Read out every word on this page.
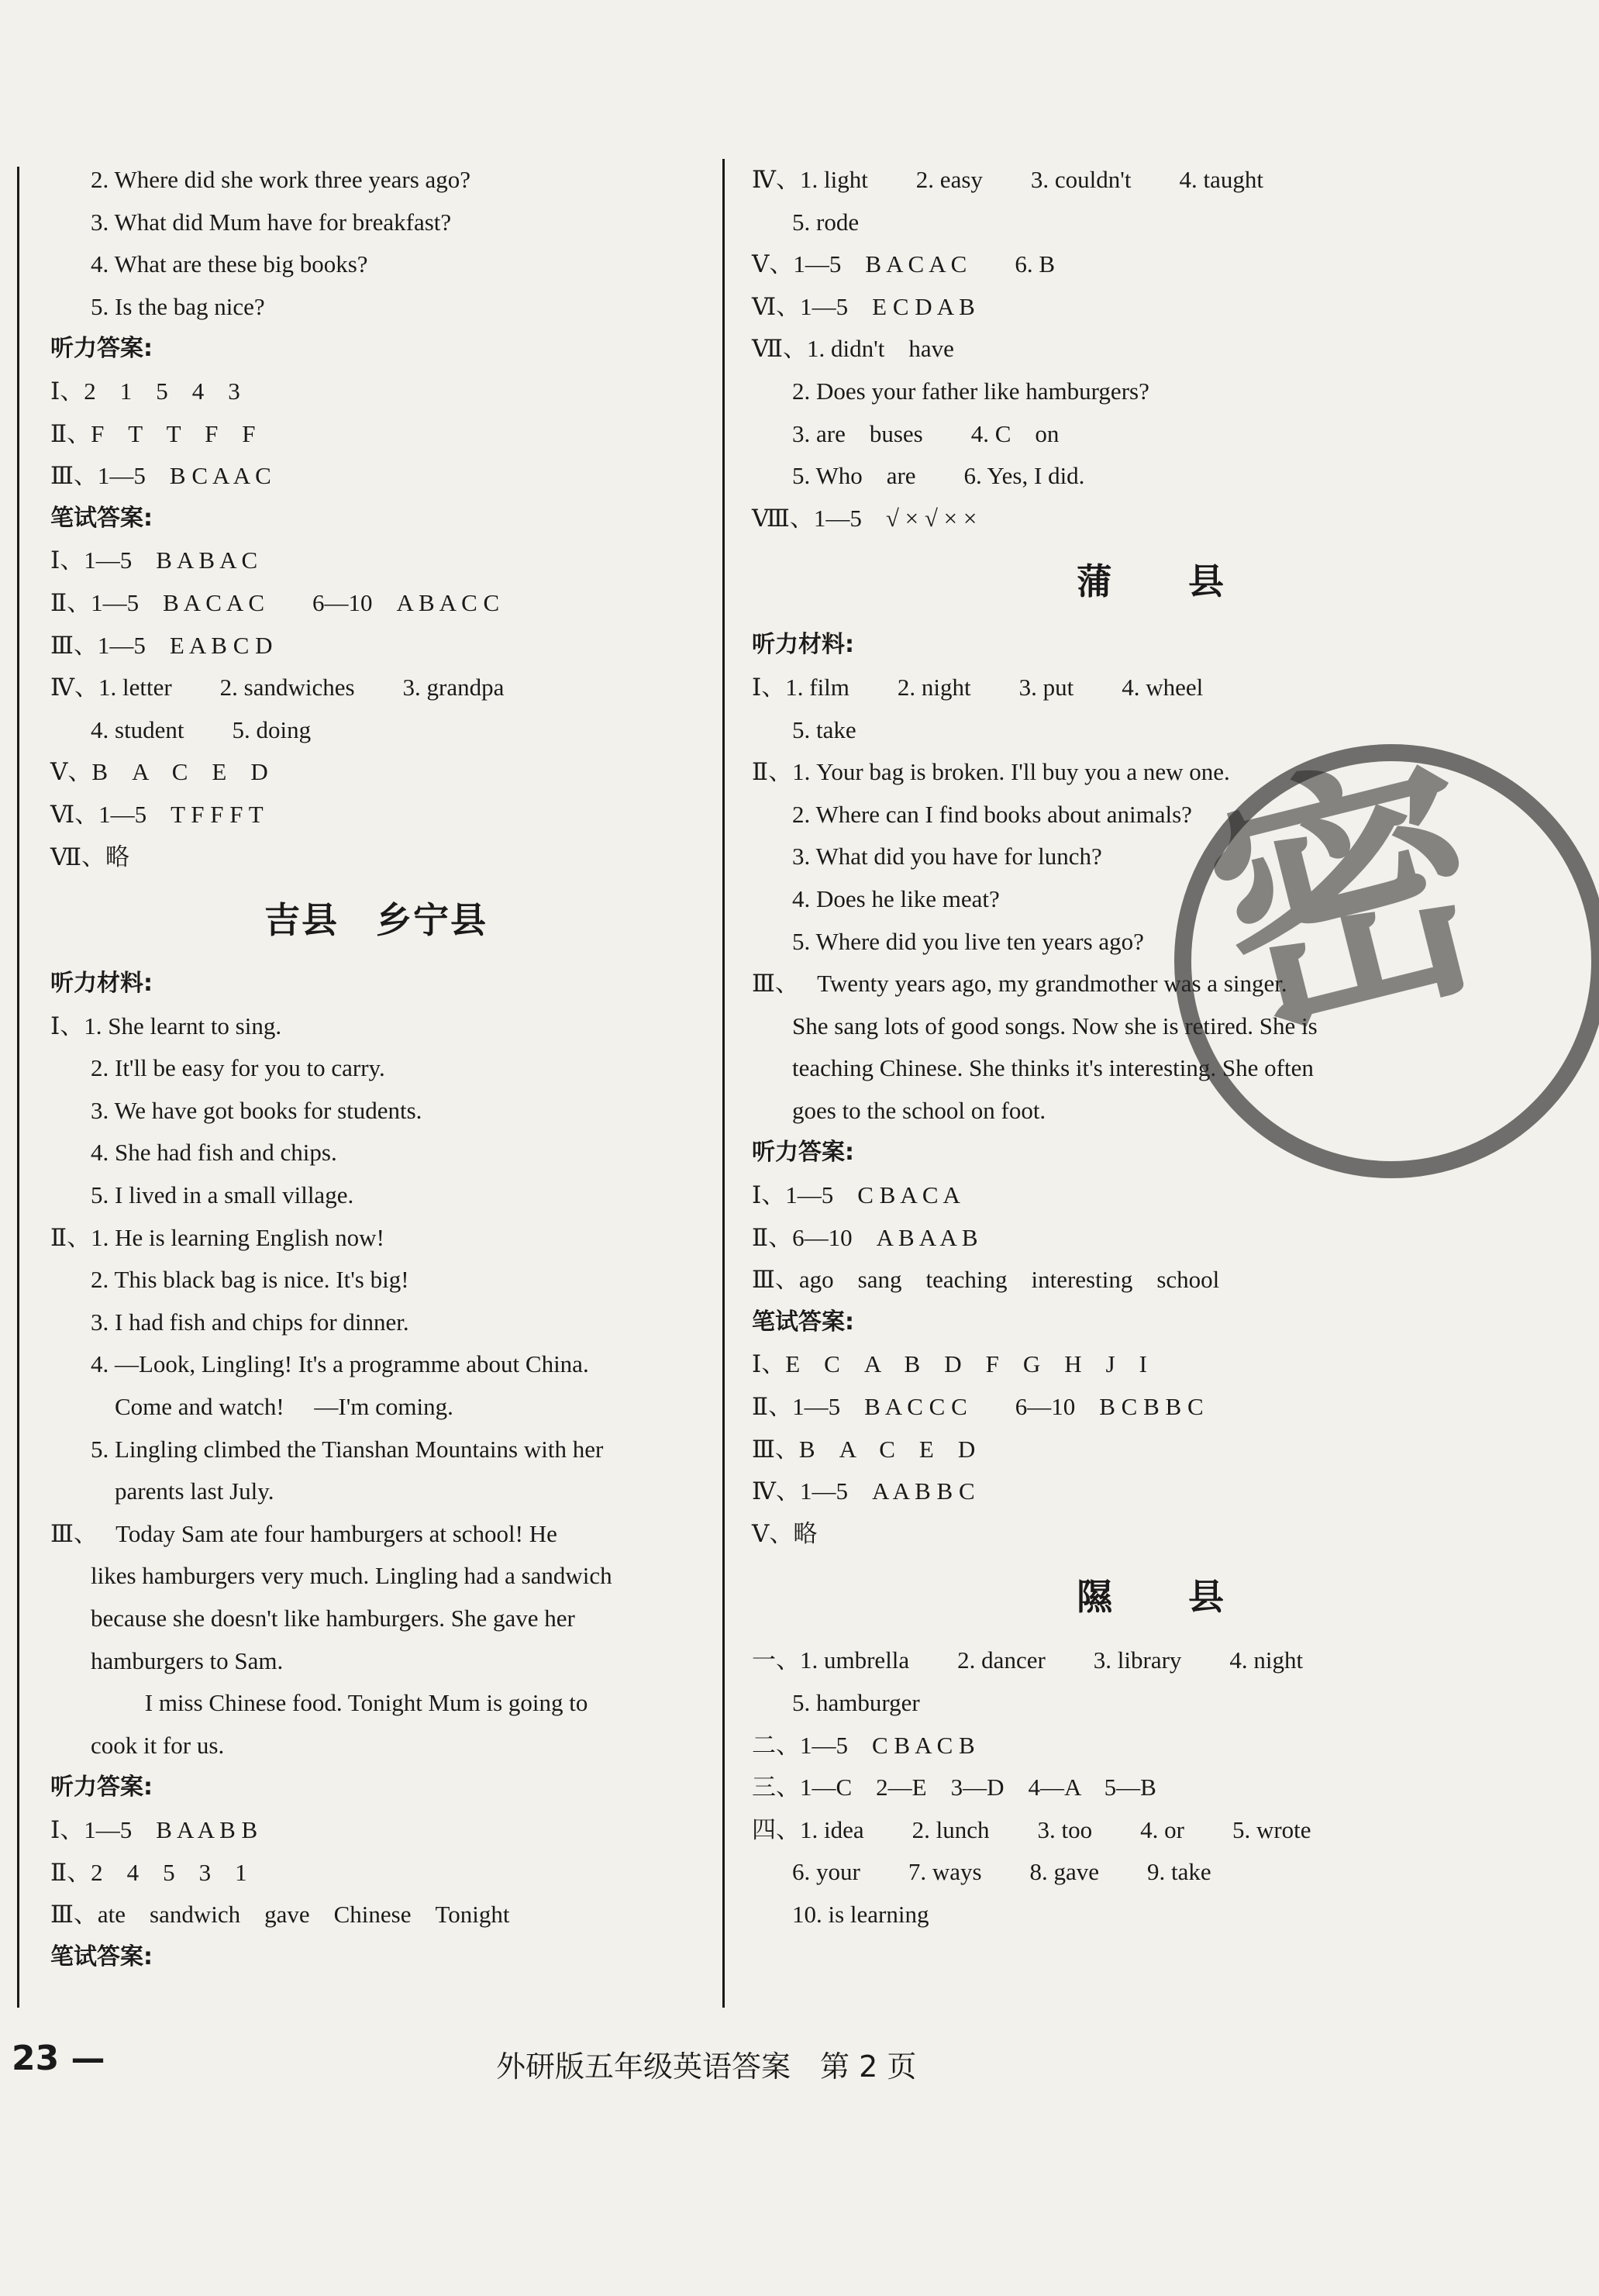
2. Where did she work three years ago?
3. What did Mum have for breakfast?
4. What are these big books?
5. Is the bag nice?
听力答案:
Ⅰ、2　1　5　4　3
Ⅱ、F　T　T　F　F
Ⅲ、1—5　B C A A C
笔试答案:
Ⅰ、1—5　B A B A C
Ⅱ、1—5　B A C A C　　6—10　A B A C C
Ⅲ、1—5　E A B C D
Ⅳ、1. letter　　2. sandwiches　　3. grandpa
4. student　　5. doing
Ⅴ、B　A　C　E　D
Ⅵ、1—5　T F F F T
Ⅶ、略
吉县　乡宁县
听力材料:
Ⅰ、1. She learnt to sing.
2. It'll be easy for you to carry.
3. We have got books for students.
4. She had fish and chips.
5. I lived in a small village.
Ⅱ、1. He is learning English now!
2. This black bag is nice. It's big!
3. I had fish and chips for dinner.
4. —Look, Lingling! It's a programme about China.
　Come and watch!　 —I'm coming.
5. Lingling climbed the Tianshan Mountains with her
　parents last July.
Ⅲ、　 Today Sam ate four hamburgers at school! He
likes hamburgers very much. Lingling had a sandwich
because she doesn't like hamburgers. She gave her
hamburgers to Sam.
　　 I miss Chinese food. Tonight Mum is going to
cook it for us.
听力答案:
Ⅰ、1—5　B A A B B
Ⅱ、2　4　5　3　1
Ⅲ、ate　sandwich　gave　Chinese　Tonight
笔试答案:
Ⅳ、1. light　　2. easy　　3. couldn't　　4. taught
5. rode
Ⅴ、1—5　B A C A C　　6. B
Ⅵ、1—5　E C D A B
Ⅶ、1. didn't　have
2. Does your father like hamburgers?
3. are　buses　　4. C　on
5. Who　are　　6. Yes, I did.
Ⅷ、1—5　√ × √ × ×
蒲　　县
听力材料:
Ⅰ、1. film　　2. night　　3. put　　4. wheel
5. take
Ⅱ、1. Your bag is broken. I'll buy you a new one.
2. Where can I find books about animals?
3. What did you have for lunch?
4. Does he like meat?
5. Where did you live ten years ago?
Ⅲ、　 Twenty years ago, my grandmother was a singer.
She sang lots of good songs. Now she is retired. She is
teaching Chinese. She thinks it's interesting. She often
goes to the school on foot.
听力答案:
Ⅰ、1—5　C B A C A
Ⅱ、6—10　A B A A B
Ⅲ、ago　sang　teaching　interesting　school
笔试答案:
Ⅰ、E　C　A　B　D　F　G　H　J　I
Ⅱ、1—5　B A C C C　　6—10　B C B B C
Ⅲ、B　A　C　E　D
Ⅳ、1—5　A A B B C
Ⅴ、略
隰　　县
一、1. umbrella　　2. dancer　　3. library　　4. night
5. hamburger
二、1—5　C B A C B
三、1—C　2—E　3—D　4—A　5—B
四、1. idea　　2. lunch　　3. too　　4. or　　5. wrote
6. your　　7. ways　　8. gave　　9. take
10. is learning
密
23 —	外研版五年级英语答案　第 2 页
